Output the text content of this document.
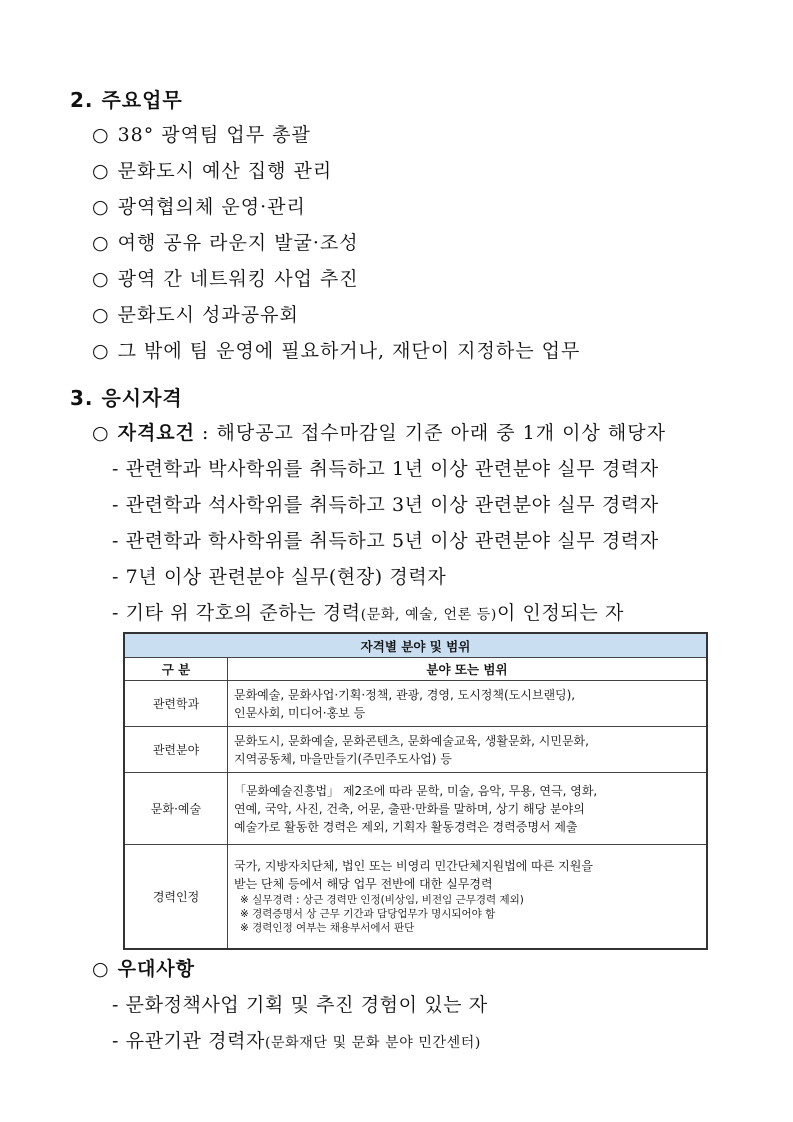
2. 주요업무
○ 38° 광역팀 업무 총괄
○ 문화도시 예산 집행 관리
○ 광역협의체 운영·관리
○ 여행 공유 라운지 발굴·조성
○ 광역 간 네트워킹 사업 추진
○ 문화도시 성과공유회
○ 그 밖에 팀 운영에 필요하거나, 재단이 지정하는 업무
3. 응시자격
○ 자격요건 : 해당공고 접수마감일 기준 아래 중 1개 이상 해당자
- 관련학과 박사학위를 취득하고 1년 이상 관련분야 실무 경력자
- 관련학과 석사학위를 취득하고 3년 이상 관련분야 실무 경력자
- 관련학과 학사학위를 취득하고 5년 이상 관련분야 실무 경력자
- 7년 이상 관련분야 실무(현장) 경력자
- 기타 위 각호의 준하는 경력(문화, 예술, 언론 등)이 인정되는 자
자격별 분야 및 범위	
구 분	분야 또는 범위
관련학과	문화예술, 문화사업·기획·정책, 관광, 경영, 도시정책(도시브랜딩),
인문사회, 미디어·홍보 등

관련분야	문화도시, 문화예술, 문화콘텐츠, 문화예술교육, 생활문화, 시민문화,
지역공동체, 마을만들기(주민주도사업) 등

문화·예술	「문화예술진흥법」 제2조에 따라 문학, 미술, 음악, 무용, 연극, 영화,
연예, 국악, 사진, 건축, 어문, 출판·만화를 말하며, 상기 해당 분야의
예술가로 활동한 경력은 제외, 기획자 활동경력은 경력증명서 제출

경력인정	국가, 지방자치단체, 법인 또는 비영리 민간단체지원법에 따른 지원을
받는 단체 등에서 해당 업무 전반에 대한 실무경력
※ 실무경력 : 상근 경력만 인정(비상임, 비전임 근무경력 제외)
※ 경력증명서 상 근무 기간과 담당업무가 명시되어야 함
※ 경력인정 여부는 채용부서에서 판단
○ 우대사항
- 문화정책사업 기획 및 추진 경험이 있는 자
- 유관기관 경력자(문화재단 및 문화 분야 민간센터)
